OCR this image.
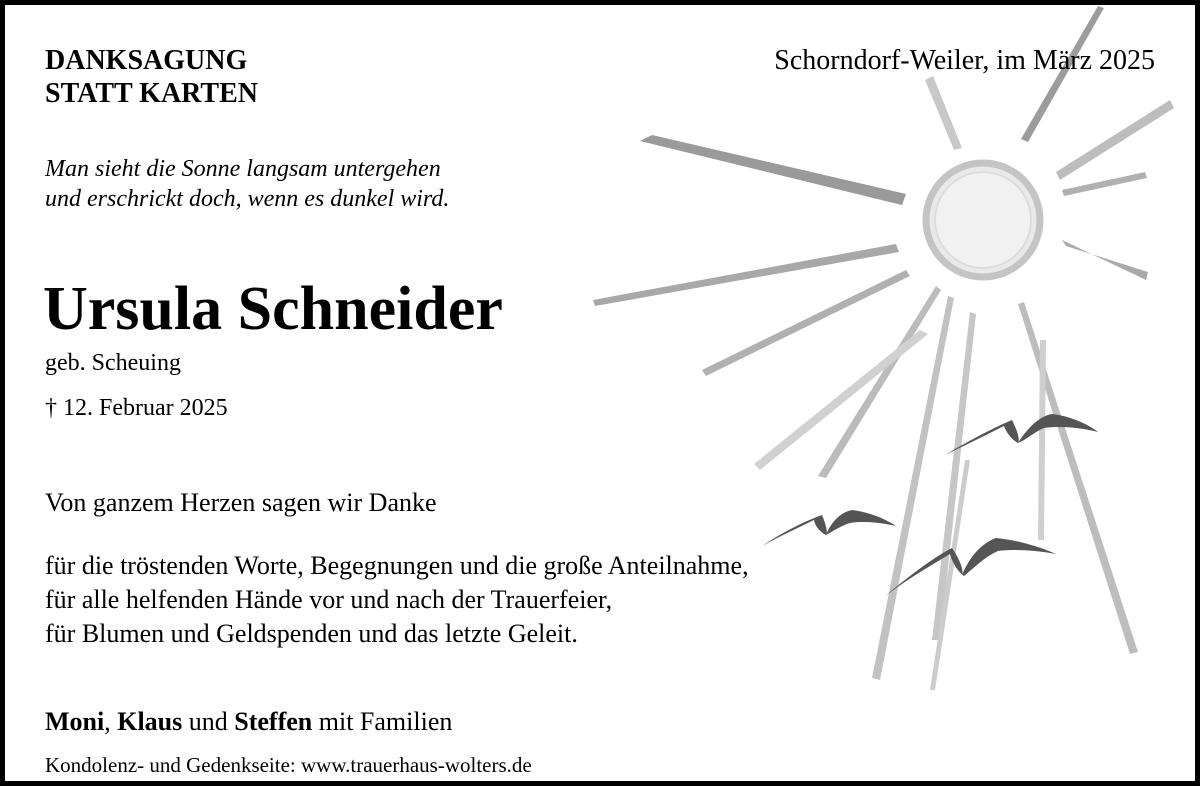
DANKSAGUNG
STATT KARTEN
Schorndorf-Weiler, im März 2025
Man sieht die Sonne langsam untergehen
und erschrickt doch, wenn es dunkel wird.
Ursula Schneider
geb. Scheuing
† 12. Februar 2025
Von ganzem Herzen sagen wir Danke
für die tröstenden Worte, Begegnungen und die große Anteilnahme,
für alle helfenden Hände vor und nach der Trauerfeier,
für Blumen und Geldspenden und das letzte Geleit.
Moni, Klaus und Steffen mit Familien
Kondolenz- und Gedenkseite: www.trauerhaus-wolters.de
